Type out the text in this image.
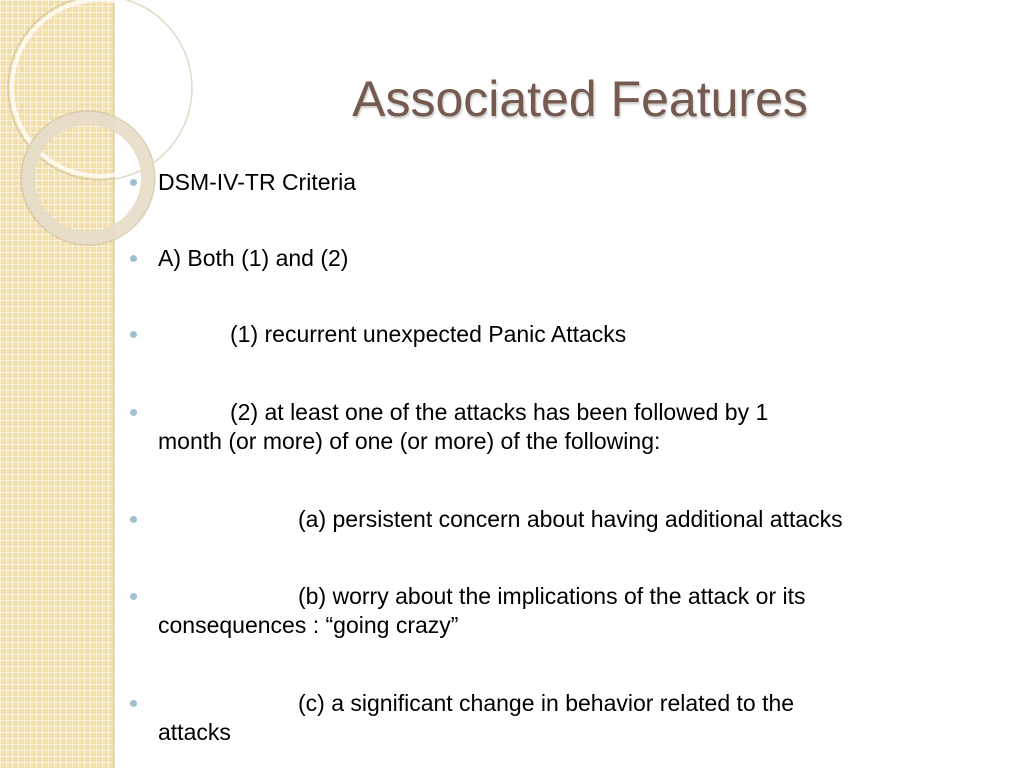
Associated Features
DSM-IV-TR Criteria
A) Both (1) and (2)
(1) recurrent unexpected Panic Attacks
(2) at least one of the attacks has been followed by 1
month (or more) of one (or more) of the following:
(a) persistent concern about having additional attacks
(b) worry about the implications of the attack or its
consequences : “going crazy”
(c) a significant change in behavior related to the
attacks
